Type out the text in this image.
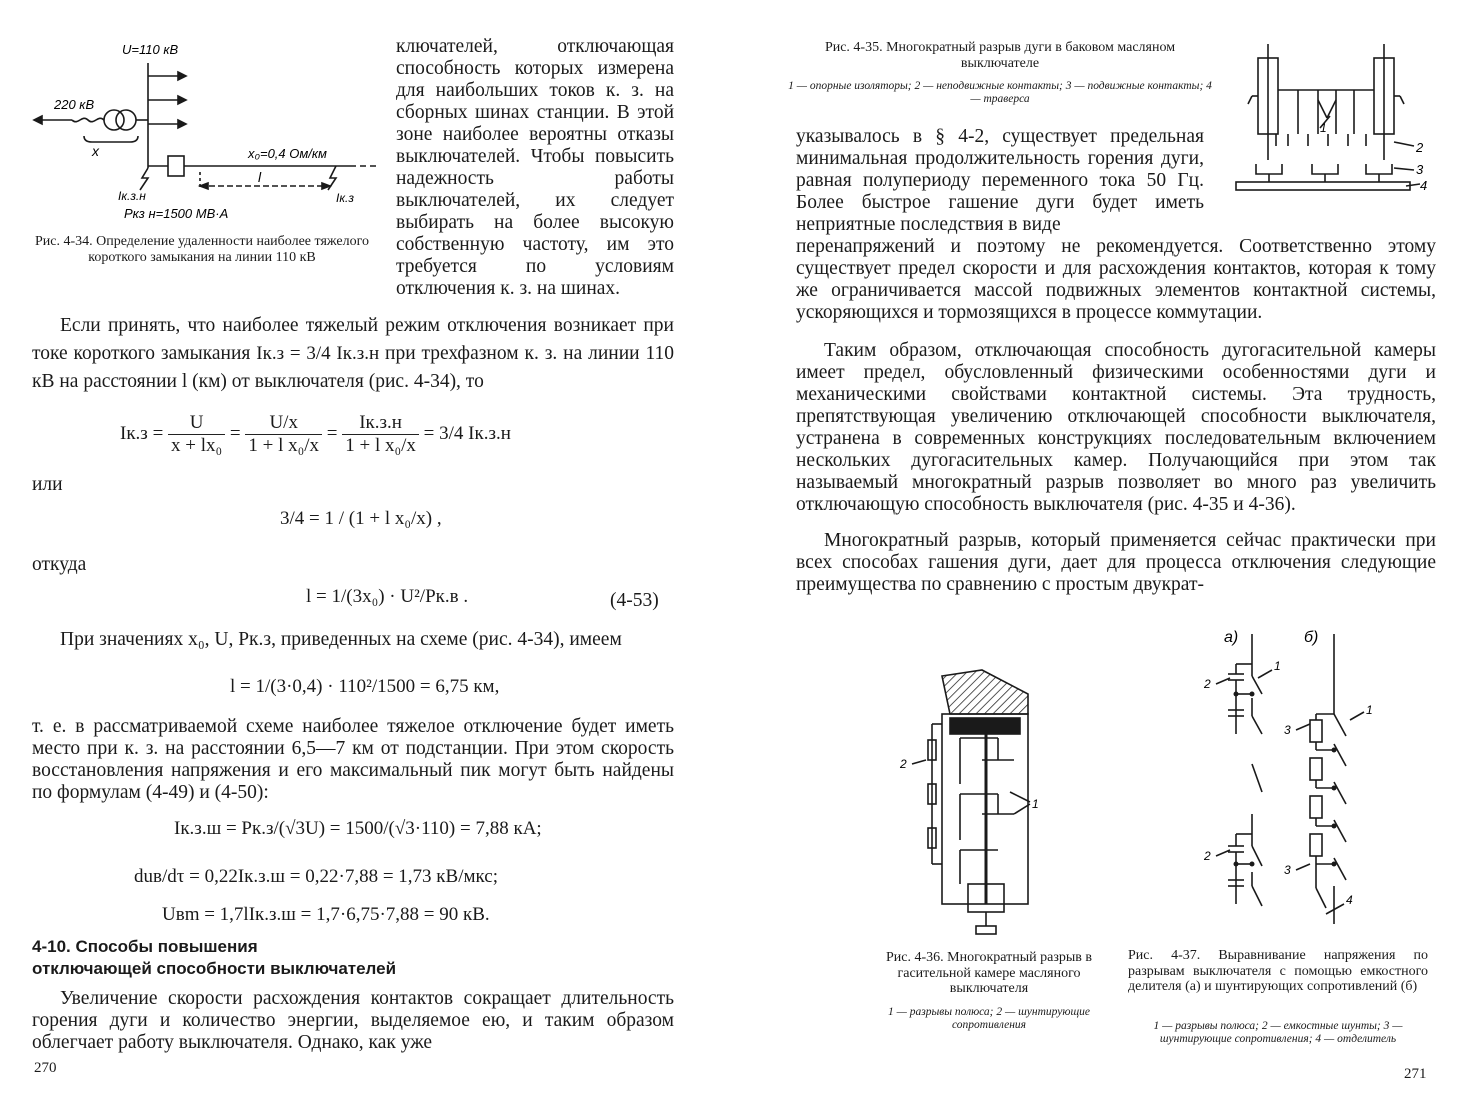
U=110 кВ
220 кВ
x	x₀=0,4 Ом/км
l
Iк.з.н	Iк.з
Pкз н=1500 МВ·А
Рис. 4-34. Определение удаленности наиболее тяжелого короткого замыкания на линии 110 кВ
ключателей, отключающая способность которых измерена для наибольших токов к. з. на сборных шинах станции. В этой зоне наиболее вероятны отказы выключателей. Чтобы повысить надежность работы выключателей, их следует выбирать на более высокую собственную частоту, им это требуется по условиям отключения к. з. на шинах.
Если принять, что наиболее тяжелый режим отключения возникает при токе короткого замыкания Iк.з = 3/4 Iк.з.н при трехфазном к. з. на линии 110 кВ на расстоянии l (км) от выключателя (рис. 4-34), то
$Iк.з = \frac{U}{\text{x + lx₀}} = \frac{U/x}{\text{1 + l x₀/x}} = \frac{Iк.з.н}{\text{1 + l x₀/x}} = 3/4$ Iк.з.н
или
3/4 = 1 / (1 + l x₀/x) ,
откуда
l = 1/(3x₀) · U²/Pк.в .	(4-53)
При значениях x₀, U, Pк.з, приведенных на схеме (рис. 4-34), имеем
l = 1/(3·0,4) · 110²/1500 = 6,75 км,
т. е. в рассматриваемой схеме наиболее тяжелое отключение будет иметь место при к. з. на расстоянии 6,5—7 км от подстанции. При этом скорость восстановления напряжения и его максимальный пик могут быть найдены по формулам (4-49) и (4-50):
Iк.з.ш = Pк.з/(√3U) = 1500/(√3·110) = 7,88 кА;
duв/dτ = 0,22Iк.з.ш = 0,22·7,88 = 1,73 кВ/мкс;
Uвm = 1,7lIк.з.ш = 1,7·6,75·7,88 = 90 кВ.
4-10. Способы повышения
отключающей способности выключателей
Увеличение скорости расхождения контактов сокращает длительность горения дуги и количество энергии, выделяемое ею, и таким образом облегчает работу выключателя. Однако, как уже
270
Рис. 4-35. Многократный разрыв дуги в баковом масляном выключателе
1 — опорные изоляторы; 2 — неподвижные контакты; 3 — подвижные контакты; 4 — траверса
1
2
3
4
указывалось в § 4-2, существует предельная минимальная продолжительность горения дуги, равная полупериоду переменного тока 50 Гц. Более быстрое гашение дуги будет иметь неприятные последствия в виде
перенапряжений и поэтому не рекомендуется. Соответственно этому существует предел скорости и для расхождения контактов, которая к тому же ограничивается массой подвижных элементов контактной системы, ускоряющихся и тормозящихся в процессе коммутации.
Таким образом, отключающая способность дугогасительной камеры имеет предел, обусловленный физическими особенностями дуги и механическими свойствами контактной системы. Эта трудность, препятствующая увеличению отключающей способности выключателя, устранена в современных конструкциях последовательным включением нескольких дугогасительных камер. Получающийся при этом так называемый многократный разрыв позволяет во много раз увеличить отключающую способность выключателя (рис. 4-35 и 4-36).
Многократный разрыв, который применяется сейчас практически при всех способах гашения дуги, дает для процесса отключения следующие преимущества по сравнению с простым двукрат-
2
1
Рис. 4-36. Многократный разрыв в гасительной камере масляного выключателя
1 — разрывы полюса; 2 — шунтирующие сопротивления
а)	б)
1
2
1
3
2
3
4
Рис. 4-37. Выравнивание напряжения по разрывам выключателя с помощью емкостного делителя (а) и шунтирующих сопротивлений (б)
1 — разрывы полюса; 2 — емкостные шунты; 3 — шунтирующие сопротивления; 4 — отделитель
271
